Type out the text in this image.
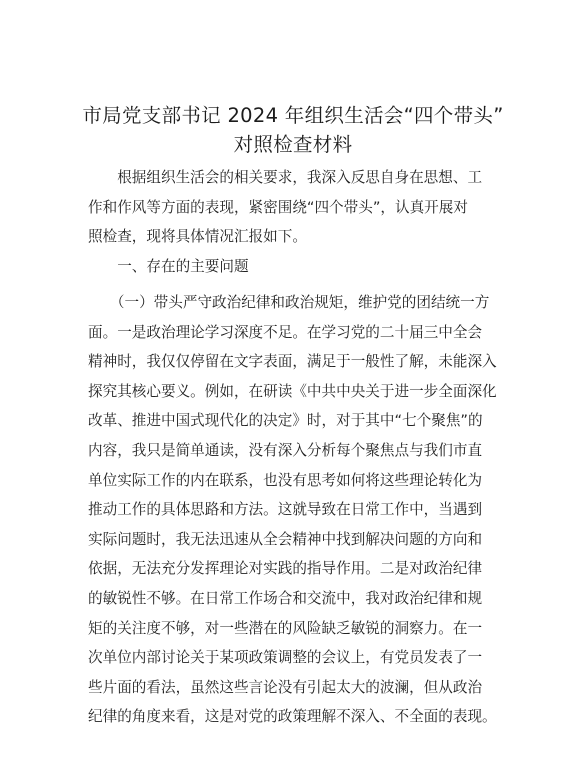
市局党支部书记 2024 年组织生活会“四个带头”
对照检查材料
　　根据组织生活会的相关要求，我深入反思自身在思想、工
作和作风等方面的表现，紧密围绕“四个带头”，认真开展对
照检查，现将具体情况汇报如下。
　　一、存在的主要问题
　　（一）带头严守政治纪律和政治规矩，维护党的团结统一方
面。一是政治理论学习深度不足。在学习党的二十届三中全会
精神时，我仅仅停留在文字表面，满足于一般性了解，未能深入
探究其核心要义。例如，在研读《中共中央关于进一步全面深化
改革、推进中国式现代化的决定》时，对于其中“七个聚焦”的
内容，我只是简单通读，没有深入分析每个聚焦点与我们市直
单位实际工作的内在联系，也没有思考如何将这些理论转化为
推动工作的具体思路和方法。这就导致在日常工作中，当遇到
实际问题时，我无法迅速从全会精神中找到解决问题的方向和
依据，无法充分发挥理论对实践的指导作用。二是对政治纪律
的敏锐性不够。在日常工作场合和交流中，我对政治纪律和规
矩的关注度不够，对一些潜在的风险缺乏敏锐的洞察力。在一
次单位内部讨论关于某项政策调整的会议上，有党员发表了一
些片面的看法，虽然这些言论没有引起太大的波澜，但从政治
纪律的角度来看，这是对党的政策理解不深入、不全面的表现。
